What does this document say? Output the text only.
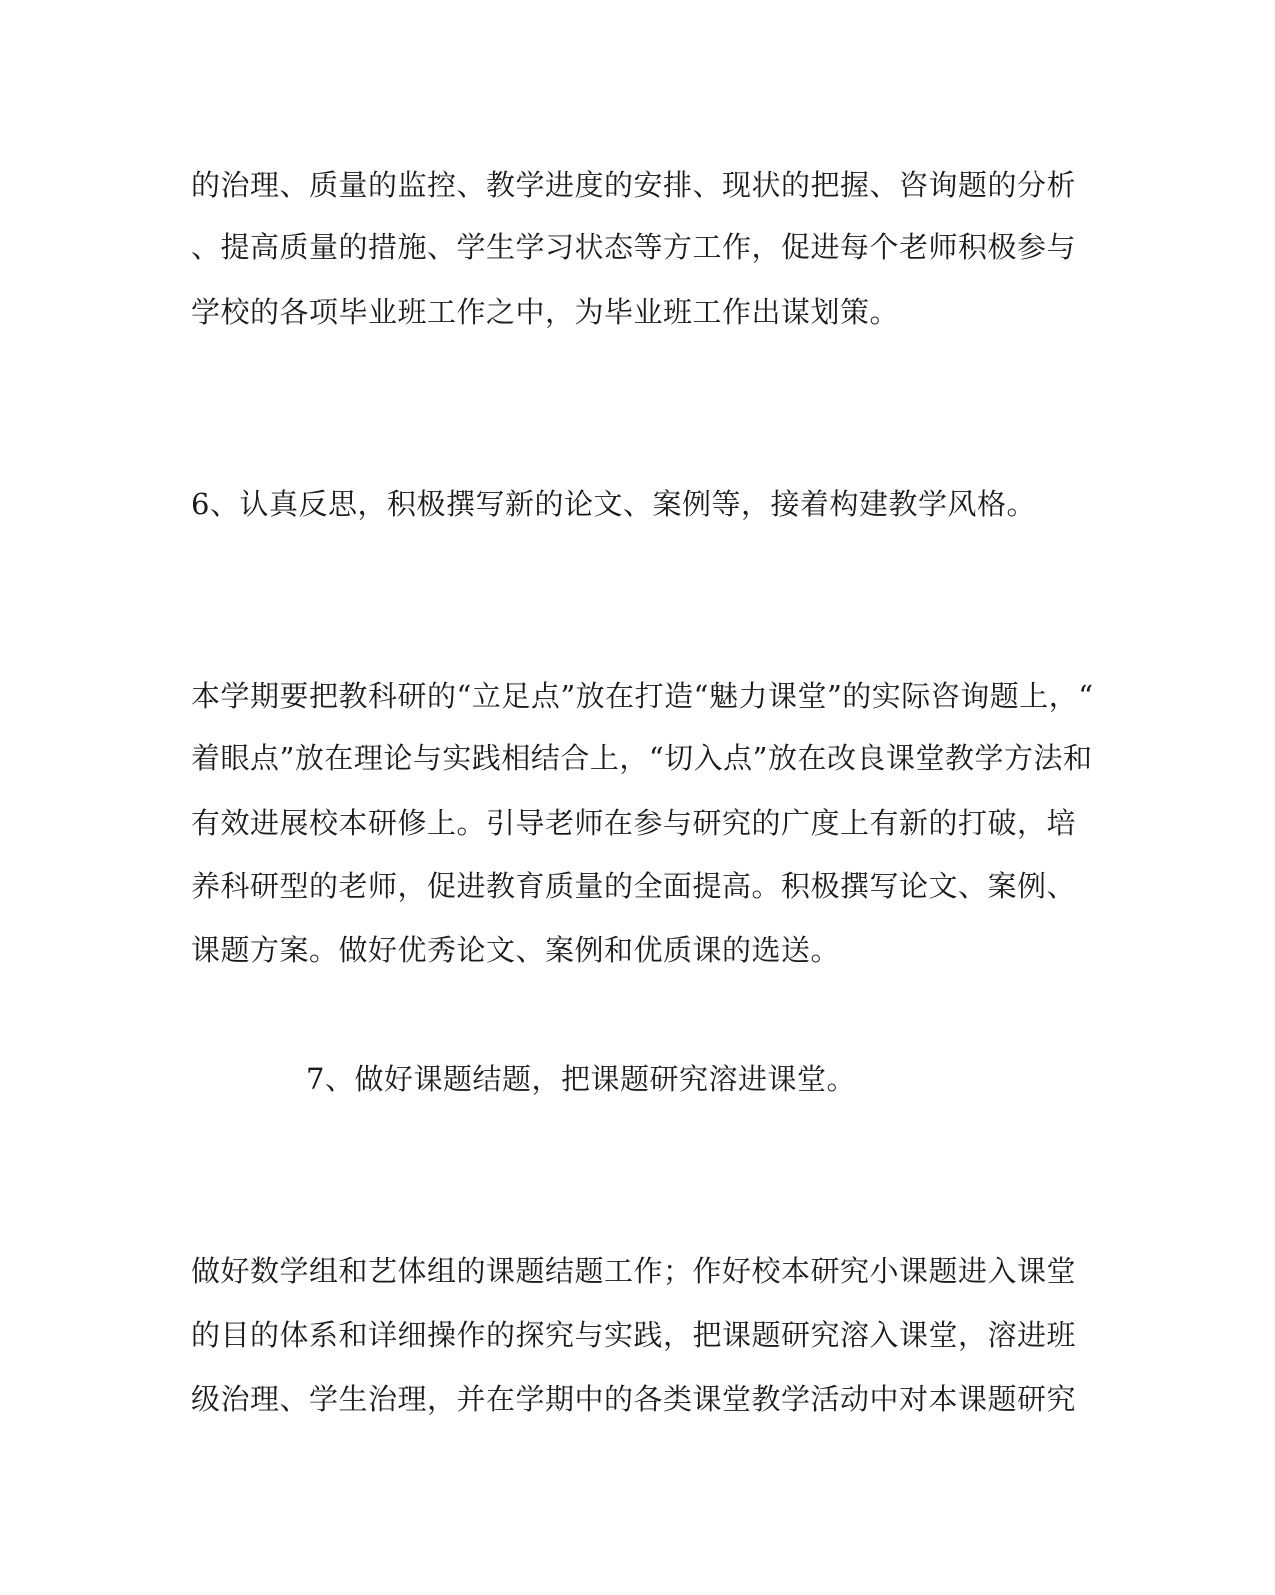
的治理、质量的监控、教学进度的安排、现状的把握、咨询题的分析
、提高质量的措施、学生学习状态等方工作，促进每个老师积极参与
学校的各项毕业班工作之中，为毕业班工作出谋划策。
6、认真反思，积极撰写新的论文、案例等，接着构建教学风格。
本学期要把教科研的“立足点”放在打造“魅力课堂”的实际咨询题上，“
着眼点”放在理论与实践相结合上，“切入点”放在改良课堂教学方法和
有效进展校本研修上。引导老师在参与研究的广度上有新的打破，培
养科研型的老师，促进教育质量的全面提高。积极撰写论文、案例、
课题方案。做好优秀论文、案例和优质课的选送。
7、做好课题结题，把课题研究溶进课堂。
做好数学组和艺体组的课题结题工作；作好校本研究小课题进入课堂
的目的体系和详细操作的探究与实践，把课题研究溶入课堂，溶进班
级治理、学生治理，并在学期中的各类课堂教学活动中对本课题研究
